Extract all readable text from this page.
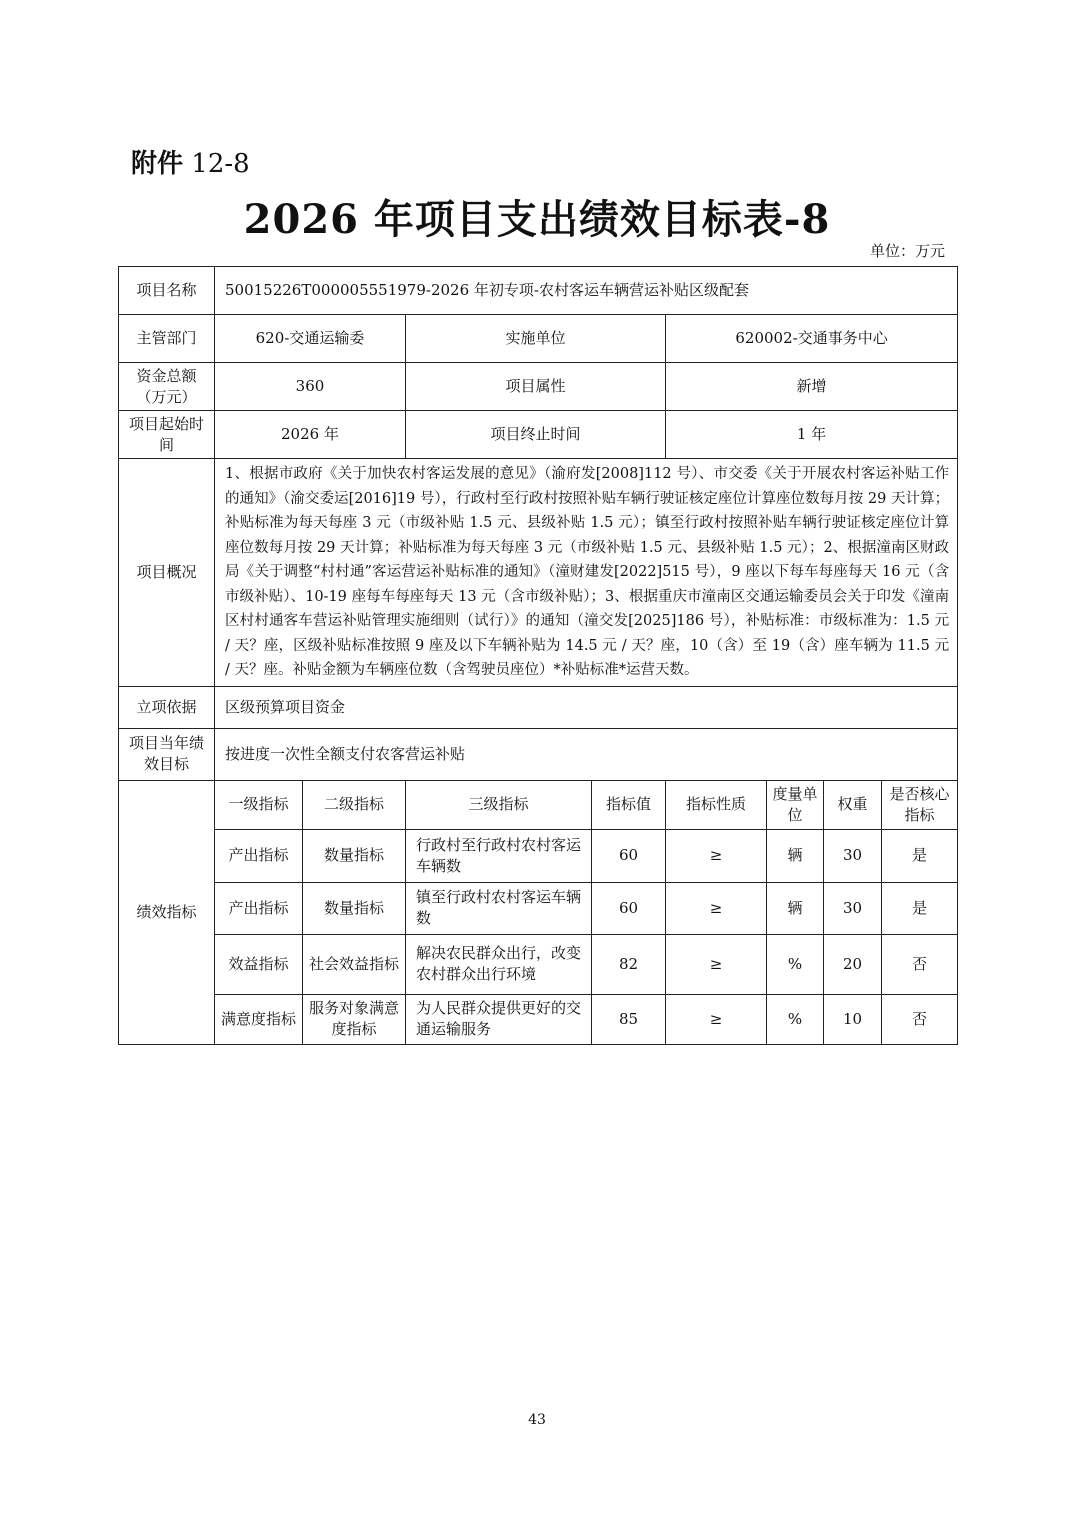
附件 12-8
2026 年项目支出绩效目标表-8
单位：万元
项目名称	50015226T000005551979-2026 年初专项-农村客运车辆营运补贴区级配套							
主管部门	620-交通运输委		实施单位		620002-交通事务中心			
资金总额（万元）	360		项目属性		新增			
项目起始时间	2026 年		项目终止时间		1 年			
项目概况	1、根据市政府《关于加快农村客运发展的意见》（渝府发[2008]112 号）、市交委《关于开展农村客运补贴工作的通知》（渝交委运[2016]19 号），行政村至行政村按照补贴车辆行驶证核定座位计算座位数每月按 29 天计算；补贴标准为每天每座 3 元（市级补贴 1.5 元、县级补贴 1.5 元）；镇至行政村按照补贴车辆行驶证核定座位计算座位数每月按 29 天计算；补贴标准为每天每座 3 元（市级补贴 1.5 元、县级补贴 1.5 元）；2、根据潼南区财政局《关于调整“村村通”客运营运补贴标准的通知》（潼财建发[2022]515 号），9 座以下每车每座每天 16 元（含市级补贴）、10-19 座每车每座每天 13 元（含市级补贴）；3、根据重庆市潼南区交通运输委员会关于印发《潼南区村村通客车营运补贴管理实施细则（试行）》的通知（潼交发[2025]186 号），补贴标准：市级标准为：1.5 元 / 天？座，区级补贴标准按照 9 座及以下车辆补贴为 14.5 元 / 天？座，10（含）至 19（含）座车辆为 11.5 元 / 天？座。补贴金额为车辆座位数（含驾驶员座位）*补贴标准*运营天数。							
立项依据	区级预算项目资金							
项目当年绩效目标	按进度一次性全额支付农客营运补贴							
绩效指标	一级指标	二级指标	三级指标	指标值	指标性质	度量单位	权重	是否核心指标
	产出指标	数量指标	行政村至行政村农村客运车辆数	60	≥	辆	30	是
	产出指标	数量指标	镇至行政村农村客运车辆数	60	≥	辆	30	是
	效益指标	社会效益指标	解决农民群众出行，改变农村群众出行环境	82	≥	%	20	否
	满意度指标	服务对象满意度指标	为人民群众提供更好的交通运输服务	85	≥	%	10	否
43
